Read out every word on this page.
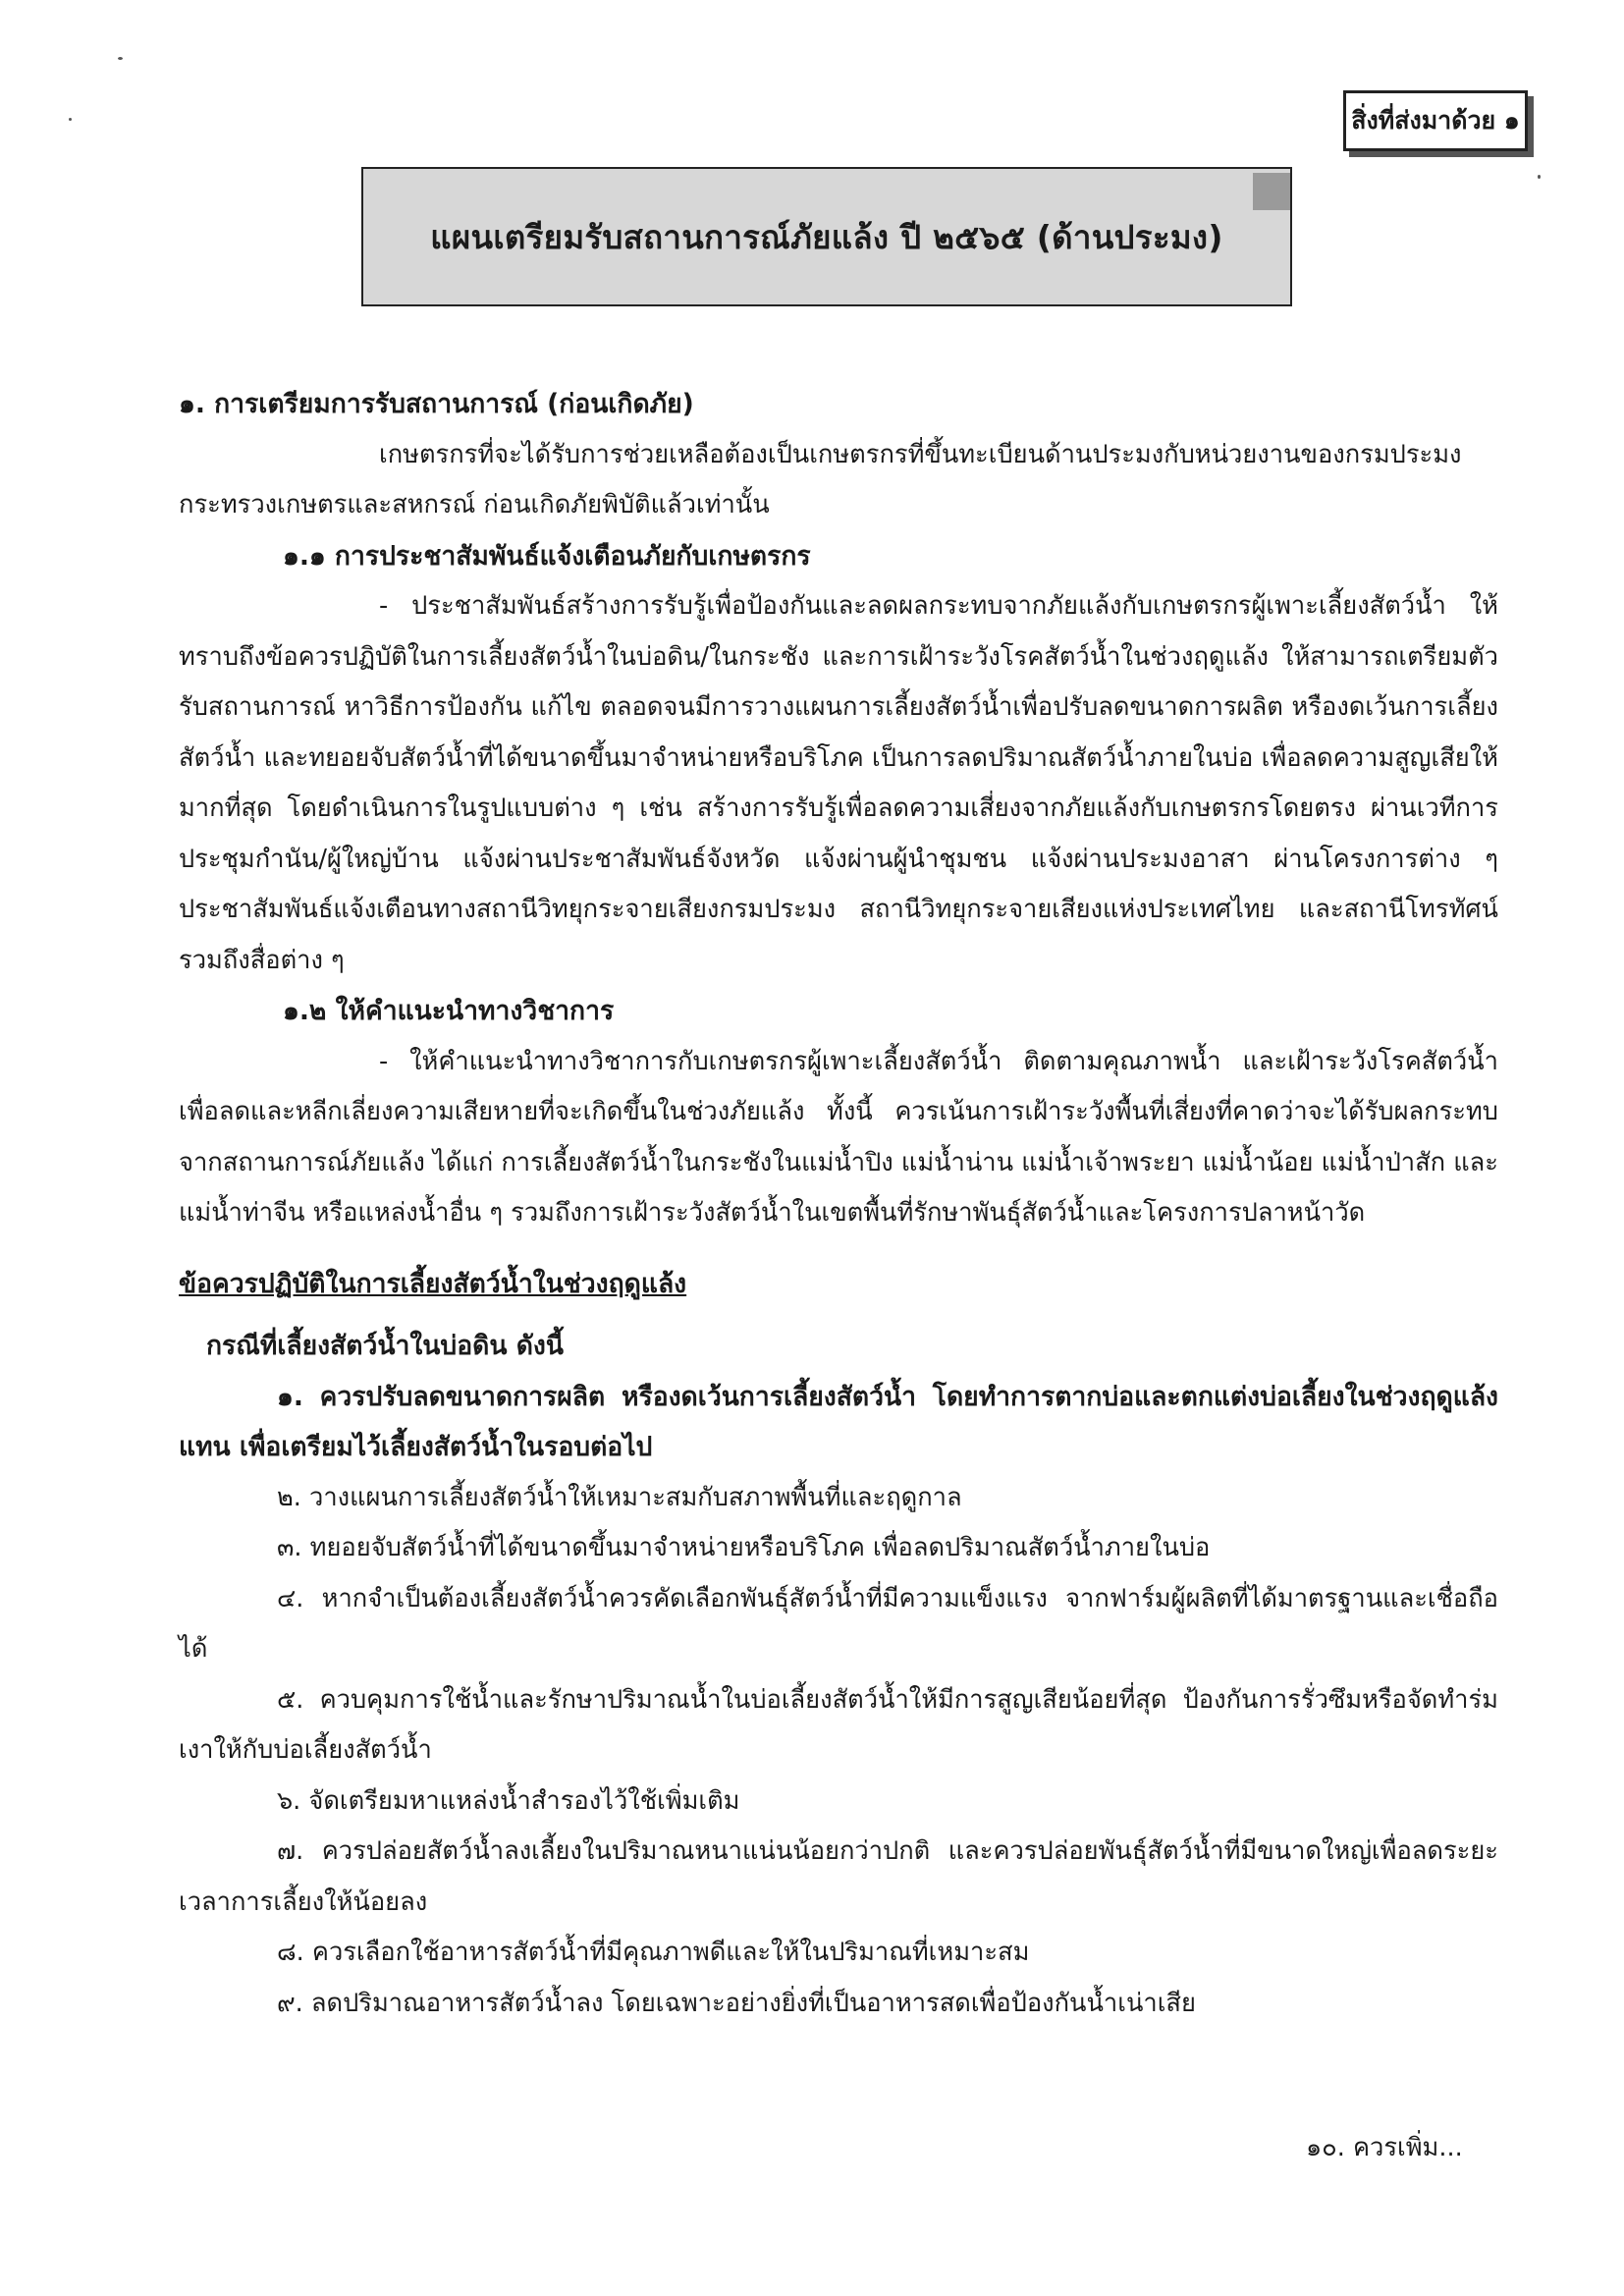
สิ่งที่ส่งมาด้วย ๑
แผนเตรียมรับสถานการณ์ภัยแล้ง ปี ๒๕๖๕ (ด้านประมง)

๑. การเตรียมการรับสถานการณ์ (ก่อนเกิดภัย)

เกษตรกรที่จะได้รับการช่วยเหลือต้องเป็นเกษตรกรที่ขึ้นทะเบียนด้านประมงกับหน่วยงานของกรมประมง กระทรวงเกษตรและสหกรณ์ ก่อนเกิดภัยพิบัติแล้วเท่านั้น

๑.๑ การประชาสัมพันธ์แจ้งเตือนภัยกับเกษตรกร

- ประชาสัมพันธ์สร้างการรับรู้เพื่อป้องกันและลดผลกระทบจากภัยแล้งกับเกษตรกรผู้เพาะเลี้ยงสัตว์น้ำ ให้ทราบถึงข้อควรปฏิบัติในการเลี้ยงสัตว์น้ำในบ่อดิน/ในกระชัง และการเฝ้าระวังโรคสัตว์น้ำในช่วงฤดูแล้ง ให้สามารถเตรียมตัวรับสถานการณ์ หาวิธีการป้องกัน แก้ไข ตลอดจนมีการวางแผนการเลี้ยงสัตว์น้ำเพื่อปรับลดขนาดการผลิต หรืองดเว้นการเลี้ยงสัตว์น้ำ และทยอยจับสัตว์น้ำที่ได้ขนาดขึ้นมาจำหน่ายหรือบริโภค เป็นการลดปริมาณสัตว์น้ำภายในบ่อ เพื่อลดความสูญเสียให้มากที่สุด โดยดำเนินการในรูปแบบต่าง ๆ เช่น สร้างการรับรู้เพื่อลดความเสี่ยงจากภัยแล้งกับเกษตรกรโดยตรง ผ่านเวทีการประชุมกำนัน/ผู้ใหญ่บ้าน แจ้งผ่านประชาสัมพันธ์จังหวัด แจ้งผ่านผู้นำชุมชน แจ้งผ่านประมงอาสา ผ่านโครงการต่าง ๆ ประชาสัมพันธ์แจ้งเตือนทางสถานีวิทยุกระจายเสียงกรมประมง สถานีวิทยุกระจายเสียงแห่งประเทศไทย และสถานีโทรทัศน์ รวมถึงสื่อต่าง ๆ

๑.๒ ให้คำแนะนำทางวิชาการ

- ให้คำแนะนำทางวิชาการกับเกษตรกรผู้เพาะเลี้ยงสัตว์น้ำ ติดตามคุณภาพน้ำ และเฝ้าระวังโรคสัตว์น้ำ เพื่อลดและหลีกเลี่ยงความเสียหายที่จะเกิดขึ้นในช่วงภัยแล้ง ทั้งนี้ ควรเน้นการเฝ้าระวังพื้นที่เสี่ยงที่คาดว่าจะได้รับผลกระทบจากสถานการณ์ภัยแล้ง ได้แก่ การเลี้ยงสัตว์น้ำในกระชังในแม่น้ำปิง แม่น้ำน่าน แม่น้ำเจ้าพระยา แม่น้ำน้อย แม่น้ำป่าสัก และแม่น้ำท่าจีน หรือแหล่งน้ำอื่น ๆ รวมถึงการเฝ้าระวังสัตว์น้ำในเขตพื้นที่รักษาพันธุ์สัตว์น้ำและโครงการปลาหน้าวัด

ข้อควรปฏิบัติในการเลี้ยงสัตว์น้ำในช่วงฤดูแล้ง

กรณีที่เลี้ยงสัตว์น้ำในบ่อดิน ดังนี้

๑. ควรปรับลดขนาดการผลิต หรืองดเว้นการเลี้ยงสัตว์น้ำ โดยทำการตากบ่อและตกแต่งบ่อเลี้ยงในช่วงฤดูแล้งแทน เพื่อเตรียมไว้เลี้ยงสัตว์น้ำในรอบต่อไป

๒. วางแผนการเลี้ยงสัตว์น้ำให้เหมาะสมกับสภาพพื้นที่และฤดูกาล

๓. ทยอยจับสัตว์น้ำที่ได้ขนาดขึ้นมาจำหน่ายหรือบริโภค เพื่อลดปริมาณสัตว์น้ำภายในบ่อ

๔. หากจำเป็นต้องเลี้ยงสัตว์น้ำควรคัดเลือกพันธุ์สัตว์น้ำที่มีความแข็งแรง จากฟาร์มผู้ผลิตที่ได้มาตรฐานและเชื่อถือได้

๕. ควบคุมการใช้น้ำและรักษาปริมาณน้ำในบ่อเลี้ยงสัตว์น้ำให้มีการสูญเสียน้อยที่สุด ป้องกันการรั่วซึมหรือจัดทำร่มเงาให้กับบ่อเลี้ยงสัตว์น้ำ

๖. จัดเตรียมหาแหล่งน้ำสำรองไว้ใช้เพิ่มเติม

๗. ควรปล่อยสัตว์น้ำลงเลี้ยงในปริมาณหนาแน่นน้อยกว่าปกติ และควรปล่อยพันธุ์สัตว์น้ำที่มีขนาดใหญ่เพื่อลดระยะเวลาการเลี้ยงให้น้อยลง

๘. ควรเลือกใช้อาหารสัตว์น้ำที่มีคุณภาพดีและให้ในปริมาณที่เหมาะสม

๙. ลดปริมาณอาหารสัตว์น้ำลง โดยเฉพาะอย่างยิ่งที่เป็นอาหารสดเพื่อป้องกันน้ำเน่าเสีย

๑๐. ควรเพิ่ม...
